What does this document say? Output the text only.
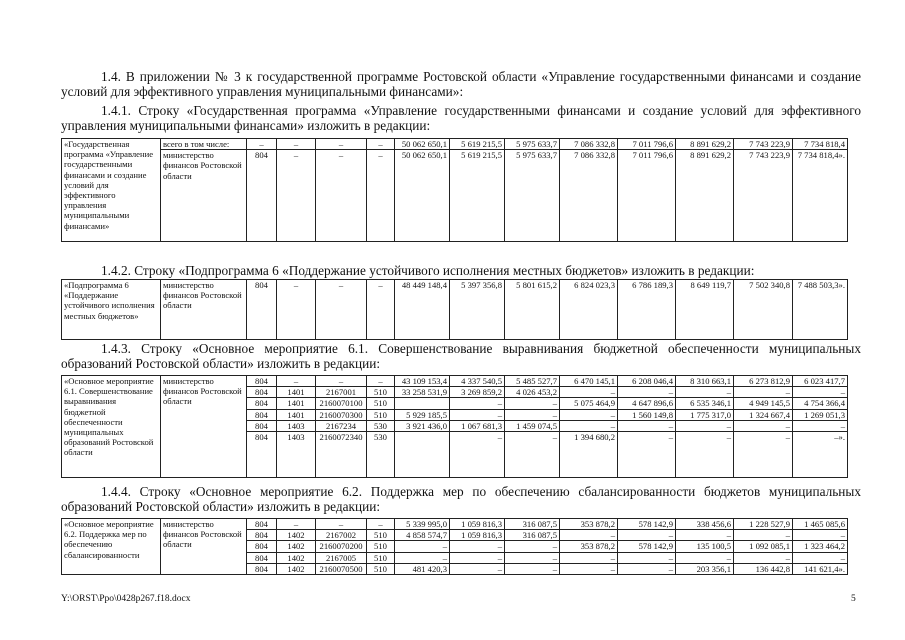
1.4. В приложении № 3 к государственной программе Ростовской области «Управление государственными финансами и создание условий для эффективного управления муниципальными финансами»:
1.4.1. Строку «Государственная программа «Управление государственными финансами и создание условий для эффективного управления муниципальными финансами» изложить в редакции:
«Государственная программа «Управление государственными финансами и создание условий для эффективного управления муниципальными финансами»	всего в том числе:	–	–	–	–	50 062 650,1	5 619 215,5	5 975 633,7	7 086 332,8	7 011 796,6	8 891 629,2	7 743 223,9	7 734 818,4
	министерство финансов Ростовской области	804	–	–	–	50 062 650,1	5 619 215,5	5 975 633,7	7 086 332,8	7 011 796,6	8 891 629,2	7 743 223,9	7 734 818,4».
1.4.2. Строку «Подпрограмма 6 «Поддержание устойчивого исполнения местных бюджетов» изложить в редакции:
«Подпрограмма 6 «Поддержание устойчивого исполнения местных бюджетов»	министерство финансов Ростовской области	804	–	–	–	48 449 148,4	5 397 356,8	5 801 615,2	6 824 023,3	6 786 189,3	8 649 119,7	7 502 340,8	7 488 503,3».
1.4.3. Строку «Основное мероприятие 6.1. Совершенствование выравнивания бюджетной обеспеченности муниципальных образований Ростовской области» изложить в редакции:
«Основное мероприятие 6.1. Совершенствование выравнивания бюджетной обеспеченности муниципальных образований Ростовской области	министерство финансов Ростовской области	804	–	–	–	43 109 153,4	4 337 540,5	5 485 527,7	6 470 145,1	6 208 046,4	8 310 663,1	6 273 812,9	6 023 417,7
		804	1401	2167001	510	33 258 531,9	3 269 859,2	4 026 453,2	–	–	–	–	–
		804	1401	2160070100	510		–	–	5 075 464,9	4 647 896,6	6 535 346,1	4 949 145,5	4 754 366,4
		804	1401	2160070300	510	5 929 185,5	–	–	–	1 560 149,8	1 775 317,0	1 324 667,4	1 269 051,3
		804	1403	2167234	530	3 921 436,0	1 067 681,3	1 459 074,5	–	–	–	–	–
		804	1403	2160072340	530		–	–	1 394 680,2	–	–	–	–».
1.4.4. Строку «Основное мероприятие 6.2. Поддержка мер по обеспечению сбалансированности бюджетов муниципальных образований Ростовской области» изложить в редакции:
«Основное мероприятие 6.2. Поддержка мер по обеспечению сбалансированности	министерство финансов Ростовской области	804	–	–	–	5 339 995,0	1 059 816,3	316 087,5	353 878,2	578 142,9	338 456,6	1 228 527,9	1 465 085,6
		804	1402	2167002	510	4 858 574,7	1 059 816,3	316 087,5	–	–	–	–	–
		804	1402	2160070200	510	–	–	–	353 878,2	578 142,9	135 100,5	1 092 085,1	1 323 464,2
		804	1402	2167005	510	–	–	–	–	–	–	–	–
		804	1402	2160070500	510	481 420,3	–	–	–	–	203 356,1	136 442,8	141 621,4».
Y:\ORST\Ppo\0428p267.f18.docx	5
